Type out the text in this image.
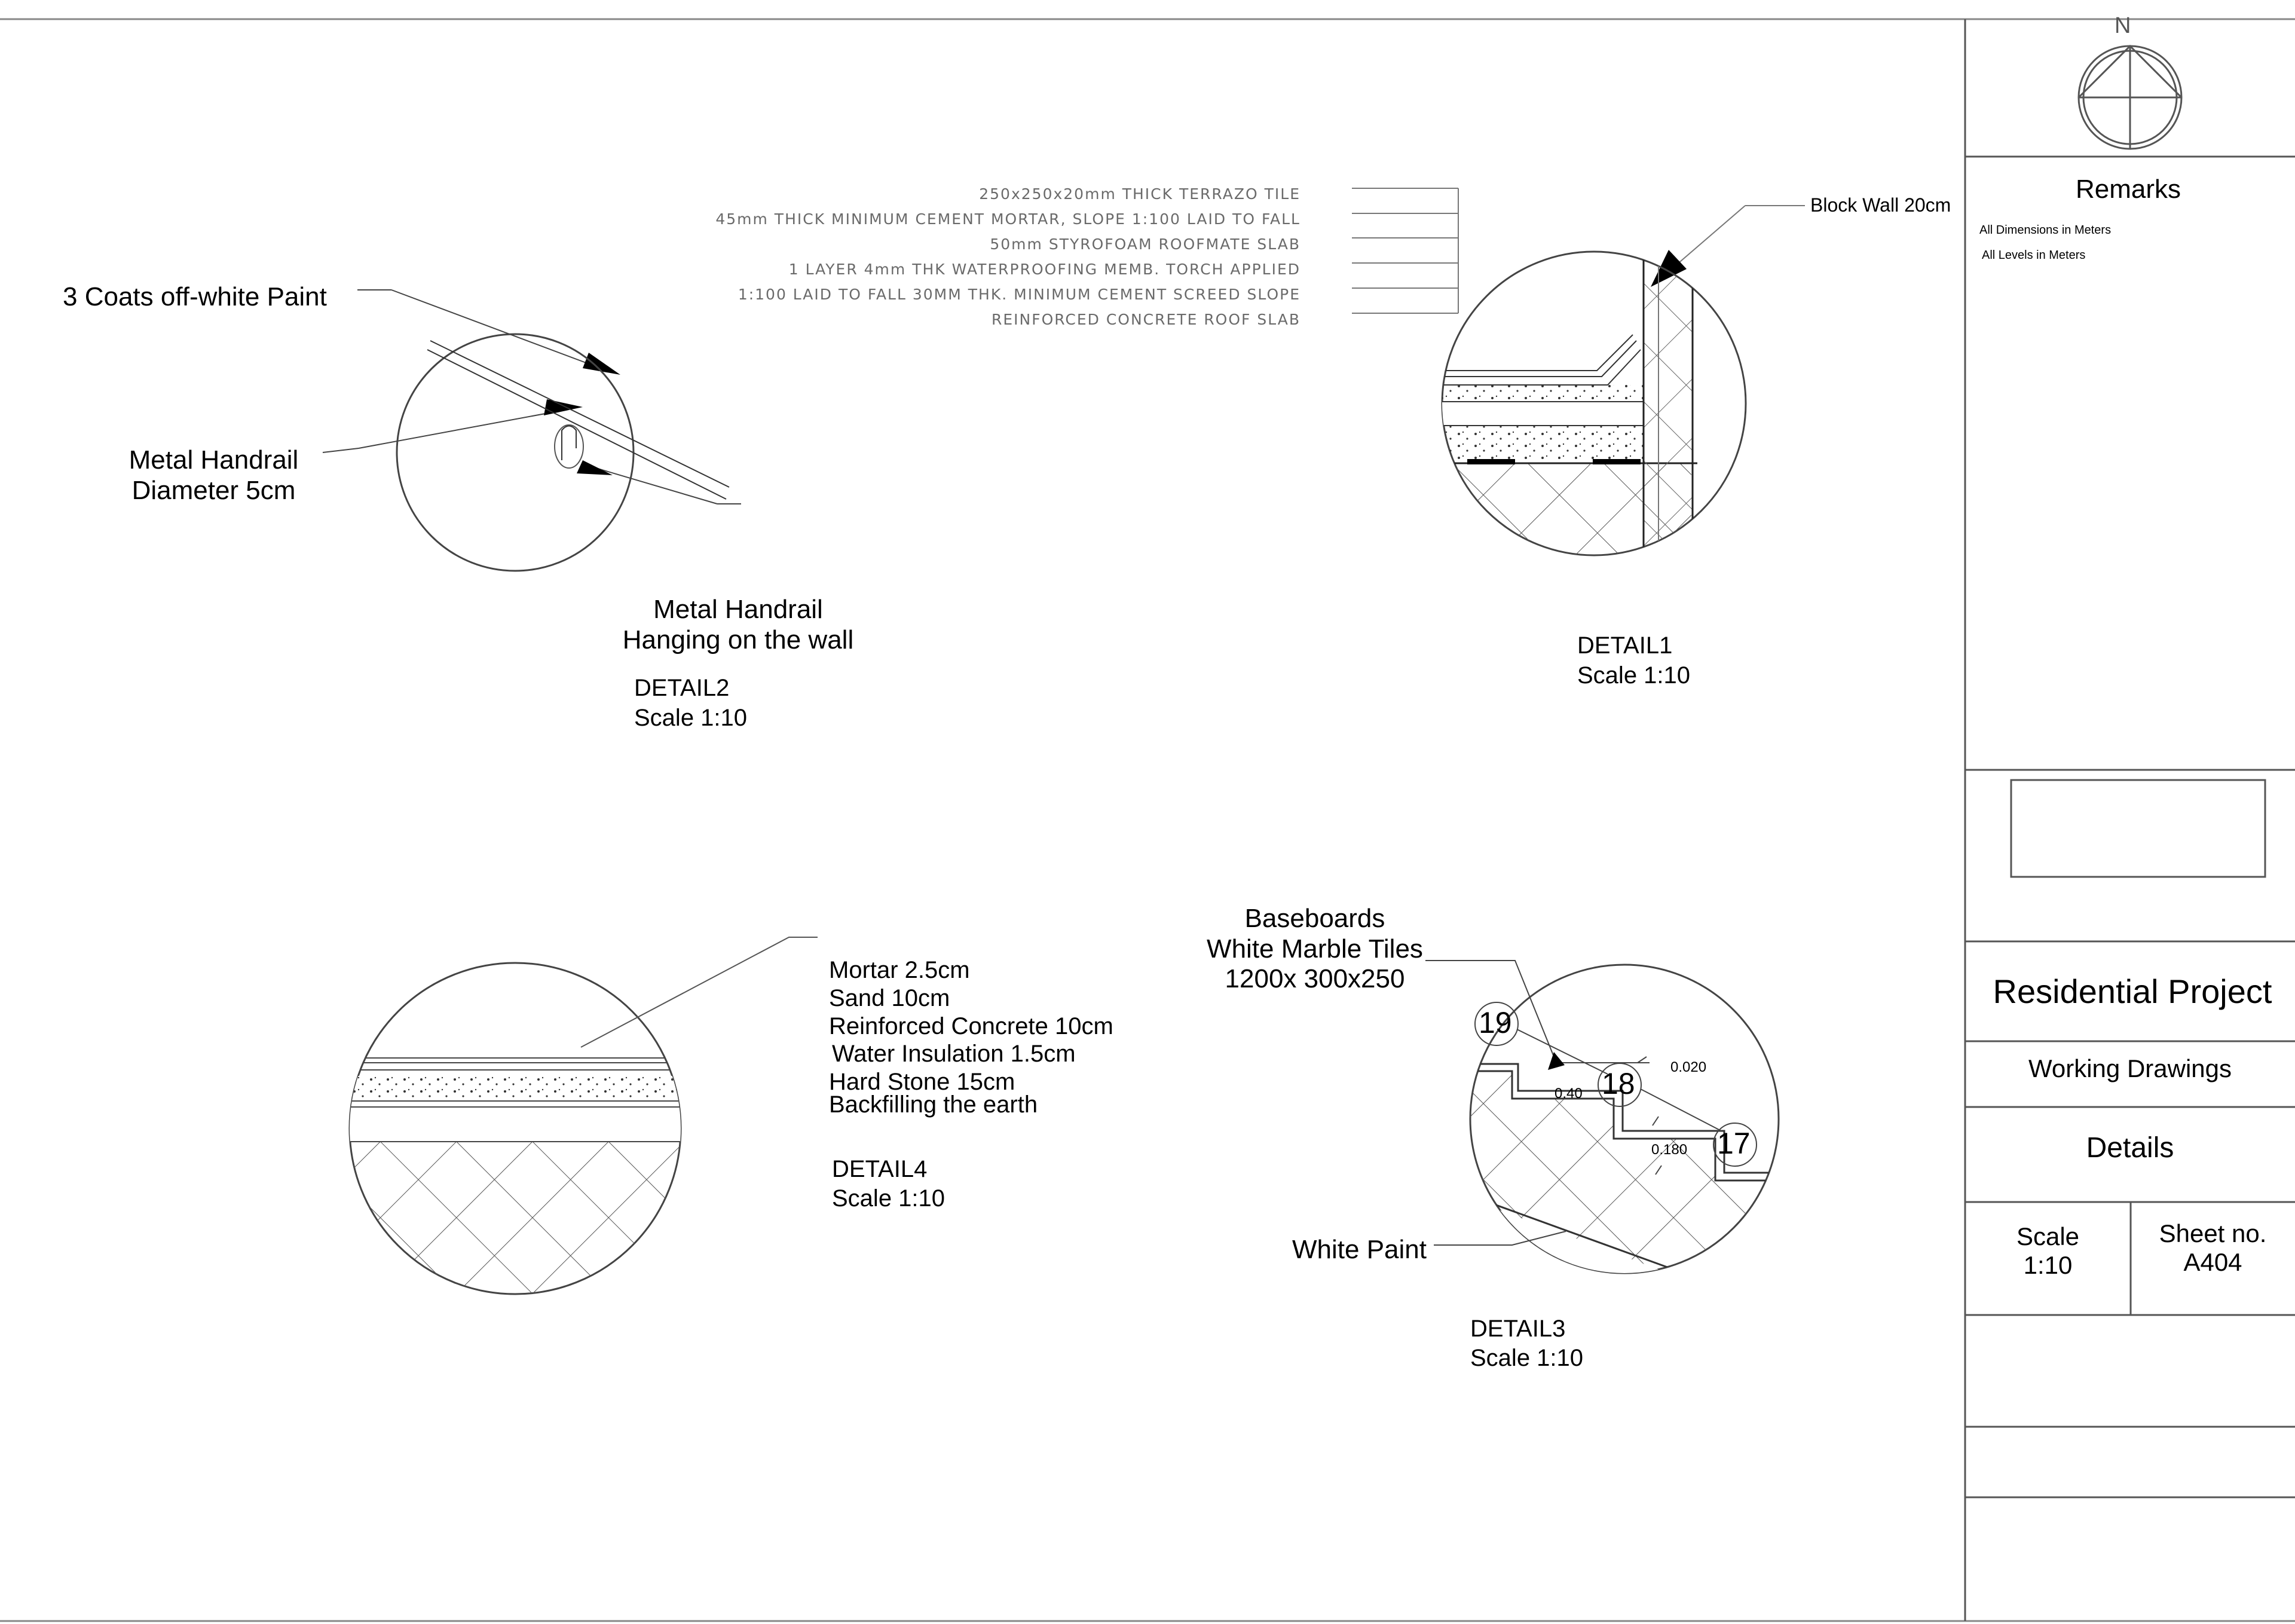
250x250x20mm THICK TERRAZO TILE
45mm THICK MINIMUM CEMENT MORTAR, SLOPE 1:100 LAID TO FALL
50mm STYROFOAM ROOFMATE SLAB
1 LAYER 4mm THK WATERPROOFING MEMB. TORCH APPLIED
1:100 LAID TO FALL 30MM THK. MINIMUM CEMENT SCREED SLOPE
REINFORCED CONCRETE ROOF SLAB
Block Wall 20cm
DETAIL1
Scale 1:10
3 Coats off-white Paint
Metal Handrail
Diameter 5cm
Metal Handrail
Hanging on the wall
DETAIL2
Scale 1:10
Mortar 2.5cm
Sand 10cm
Reinforced Concrete 10cm
Water Insulation 1.5cm
Hard Stone 15cm
Backfilling the earth
DETAIL4
Scale 1:10
Baseboards
White Marble Tiles
1200x 300x250
19
18
17
0.40
0.020
0.180
White Paint
DETAIL3
Scale 1:10
N
Remarks
All Dimensions in Meters
All Levels in Meters
Residential Project
Working Drawings
Details
Scale
1:10
Sheet no.
A404
